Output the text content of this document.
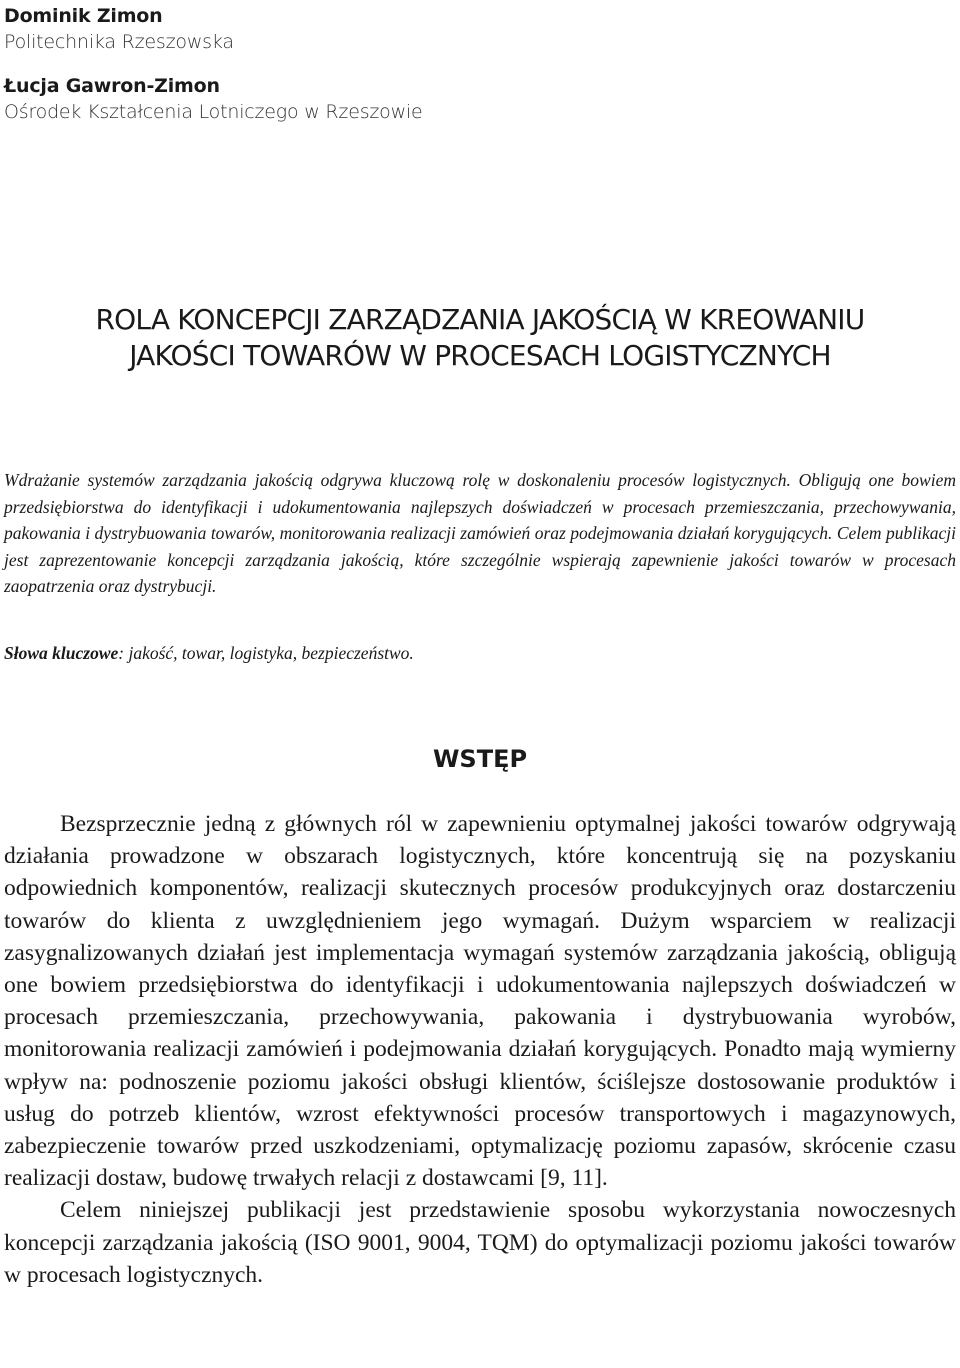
Dominik Zimon
Politechnika Rzeszowska
Łucja Gawron-Zimon
Ośrodek Kształcenia Lotniczego w Rzeszowie
ROLA KONCEPCJI ZARZĄDZANIA JAKOŚCIĄ W KREOWANIU
JAKOŚCI TOWARÓW W PROCESACH LOGISTYCZNYCH

Wdrażanie systemów zarządzania jakością odgrywa kluczową rolę w doskonaleniu procesów logistycznych. Obligują one bowiem przedsiębiorstwa do identyfikacji i udokumentowania najlepszych doświadczeń w procesach przemieszczania, przechowywania, pakowania i dystrybuowania towarów, monitorowania realizacji zamówień oraz podejmowania działań korygujących. Celem publikacji jest zaprezentowanie koncepcji zarządzania jakością, które szczególnie wspierają zapewnienie jakości towarów w procesach zaopatrzenia oraz dystrybucji.

Słowa kluczowe: jakość, towar, logistyka, bezpieczeństwo.
WSTĘP

Bezsprzecznie jedną z głównych ról w zapewnieniu optymalnej jakości towarów odgrywają działania prowadzone w obszarach logistycznych, które koncentrują się na pozyskaniu odpowiednich komponentów, realizacji skutecznych procesów produkcyjnych oraz dostarczeniu towarów do klienta z uwzględnieniem jego wymagań. Dużym wsparciem w realizacji zasygnalizowanych działań jest implementacja wymagań systemów zarządzania jakością, obligują one bowiem przedsiębiorstwa do identyfikacji i udokumentowania najlepszych doświadczeń w procesach przemieszczania, przechowywania, pakowania i dystrybuowania wyrobów, monitorowania realizacji zamówień i podejmowania działań korygujących. Ponadto mają wymierny wpływ na: podnoszenie poziomu jakości obsługi klientów, ściślejsze dostosowanie produktów i usług do potrzeb klientów, wzrost efektywności procesów transportowych i magazynowych, zabezpieczenie towarów przed uszkodzeniami, optymalizację poziomu zapasów, skrócenie czasu realizacji dostaw, budowę trwałych relacji z dostawcami [9, 11].

Celem niniejszej publikacji jest przedstawienie sposobu wykorzystania nowoczesnych koncepcji zarządzania jakością (ISO 9001, 9004, TQM) do optymalizacji poziomu jakości towarów w procesach logistycznych.
